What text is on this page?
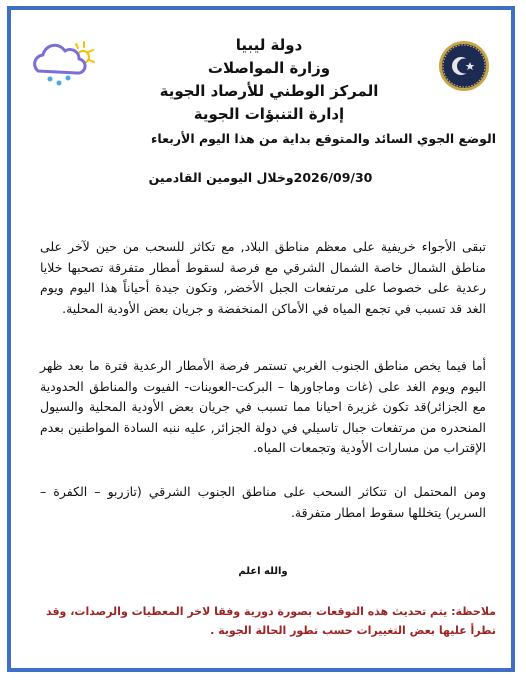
دولة ليبيا
وزارة المواصلات
المركز الوطني للأرصاد الجوية
إدارة التنبؤات الجوية
الوضع الجوي السائد والمتوقع بداية من هذا اليوم الأربعاء
2026/09/30وخلال اليومين القادمين
تبقى الأجواء خريفية على معظم مناطق البلاد, مع تكاثر للسحب من حين لآخر على مناطق الشمال خاصة الشمال الشرقي مع فرصة لسقوط أمطار متفرقة تصحبها خلايا رعدية على خصوصا على مرتفعات الجبل الأخضر, وتكون جيدة أحياناً هذا اليوم ويوم الغد قد تسبب في تجمع المياه في الأماكن المنخفضة و جريان بعض الأودية المحلية.
أما فيما يخص مناطق الجنوب الغربي تستمر فرصة الأمطار الرعدية فترة ما بعد ظهر اليوم ويوم الغد على (غات وماجاورها – البركت-العوينات- الفيوت والمناطق الحدودية مع الجزائر)قد تكون غزيرة احيانا مما تسبب في جريان بعض الأودية المحلية والسيول المنحدره من مرتفعات جبال تاسيلي في دولة الجزائر, عليه ننبه السادة المواطنين بعدم الإقتراب من مسارات الأودية وتجمعات المياه.
ومن المحتمل ان تتكاثر السحب على مناطق الجنوب الشرقي (تازربو – الكفرة – السرير) يتخللها سقوط امطار متفرقة.
والله اعلم
ملاحظة: يتم تحديث هذه التوقعات بصورة دورية وفقا لاخر المعطيات والرصدات، وقد تطرأ عليها بعض التغييرات حسب تطور الحالة الجوية .
